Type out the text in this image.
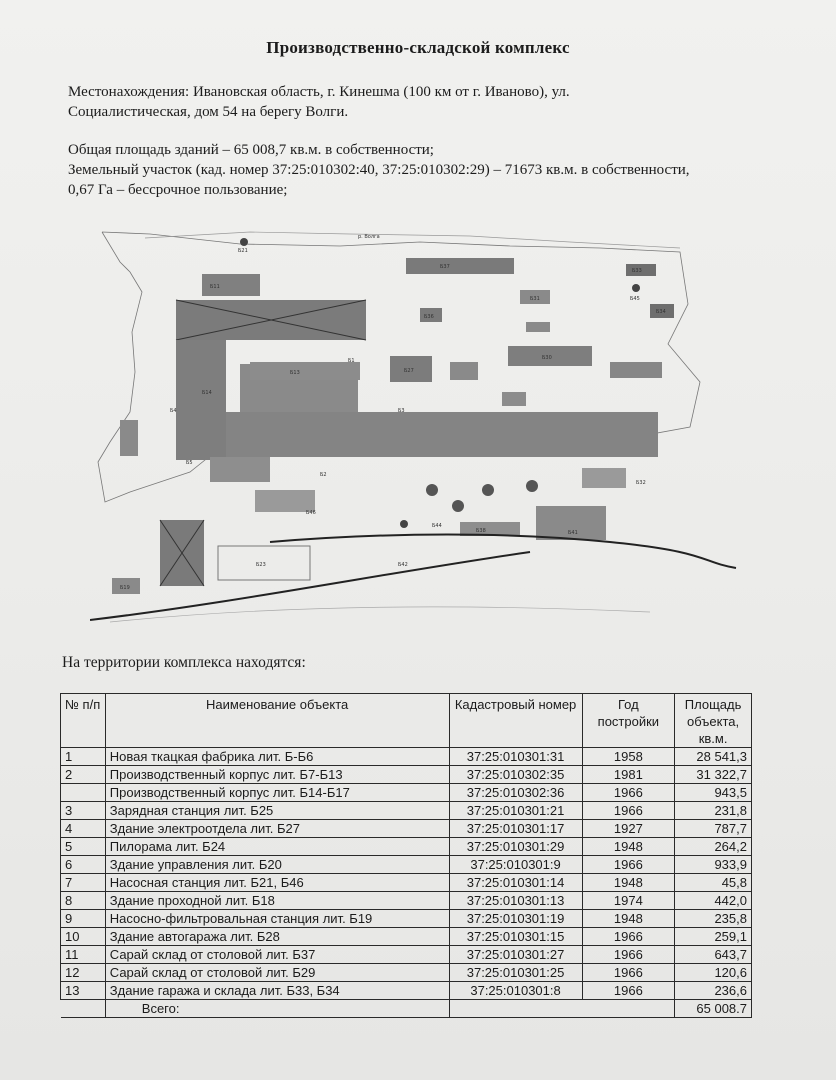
Производственно-складской комплекс
Местонахождения: Ивановская область, г. Кинешма (100 км от г. Иваново), ул.
Социалистическая, дом 54 на берегу Волги.
Общая площадь зданий – 65 008,7 кв.м. в собственности;
Земельный участок (кад. номер 37:25:010302:40, 37:25:010302:29) – 71673 кв.м. в собственности,
0,67 Га – бессрочное пользование;
Б21
р. Волга
Б37
Б33
Б45
Б34
Б11
Б13
Б14
Б27
Б30
Б31
Б36
Б1
Б2
Б3
Б4
Б5
Б23
Б19
Б42
Б44
Б46
Б32
Б38	Б41
На территории комплекса находятся:
№ п/п	Наименование объекта	Кадастровый номер	Год постройки	Площадь объекта, кв.м.
1	Новая ткацкая фабрика лит. Б-Б6	37:25:010301:31	1958	28 541,3
2	Производственный корпус лит. Б7-Б13	37:25:010302:35	1981	31 322,7
	Производственный корпус лит. Б14-Б17	37:25:010302:36	1966	943,5
3	Зарядная станция лит. Б25	37:25:010301:21	1966	231,8
4	Здание электроотдела лит. Б27	37:25:010301:17	1927	787,7
5	Пилорама лит. Б24	37:25:010301:29	1948	264,2
6	Здание управления лит. Б20	37:25:010301:9	1966	933,9
7	Насосная станция лит. Б21, Б46	37:25:010301:14	1948	45,8
8	Здание проходной лит. Б18	37:25:010301:13	1974	442,0
9	Насосно-фильтровальная станция лит. Б19	37:25:010301:19	1948	235,8
10	Здание автогаража лит. Б28	37:25:010301:15	1966	259,1
11	Сарай склад от столовой лит. Б37	37:25:010301:27	1966	643,7
12	Сарай склад от столовой лит. Б29	37:25:010301:25	1966	120,6
13	Здание гаража и склада лит. Б33, Б34	37:25:010301:8	1966	236,6
	Всего:			65 008.7
